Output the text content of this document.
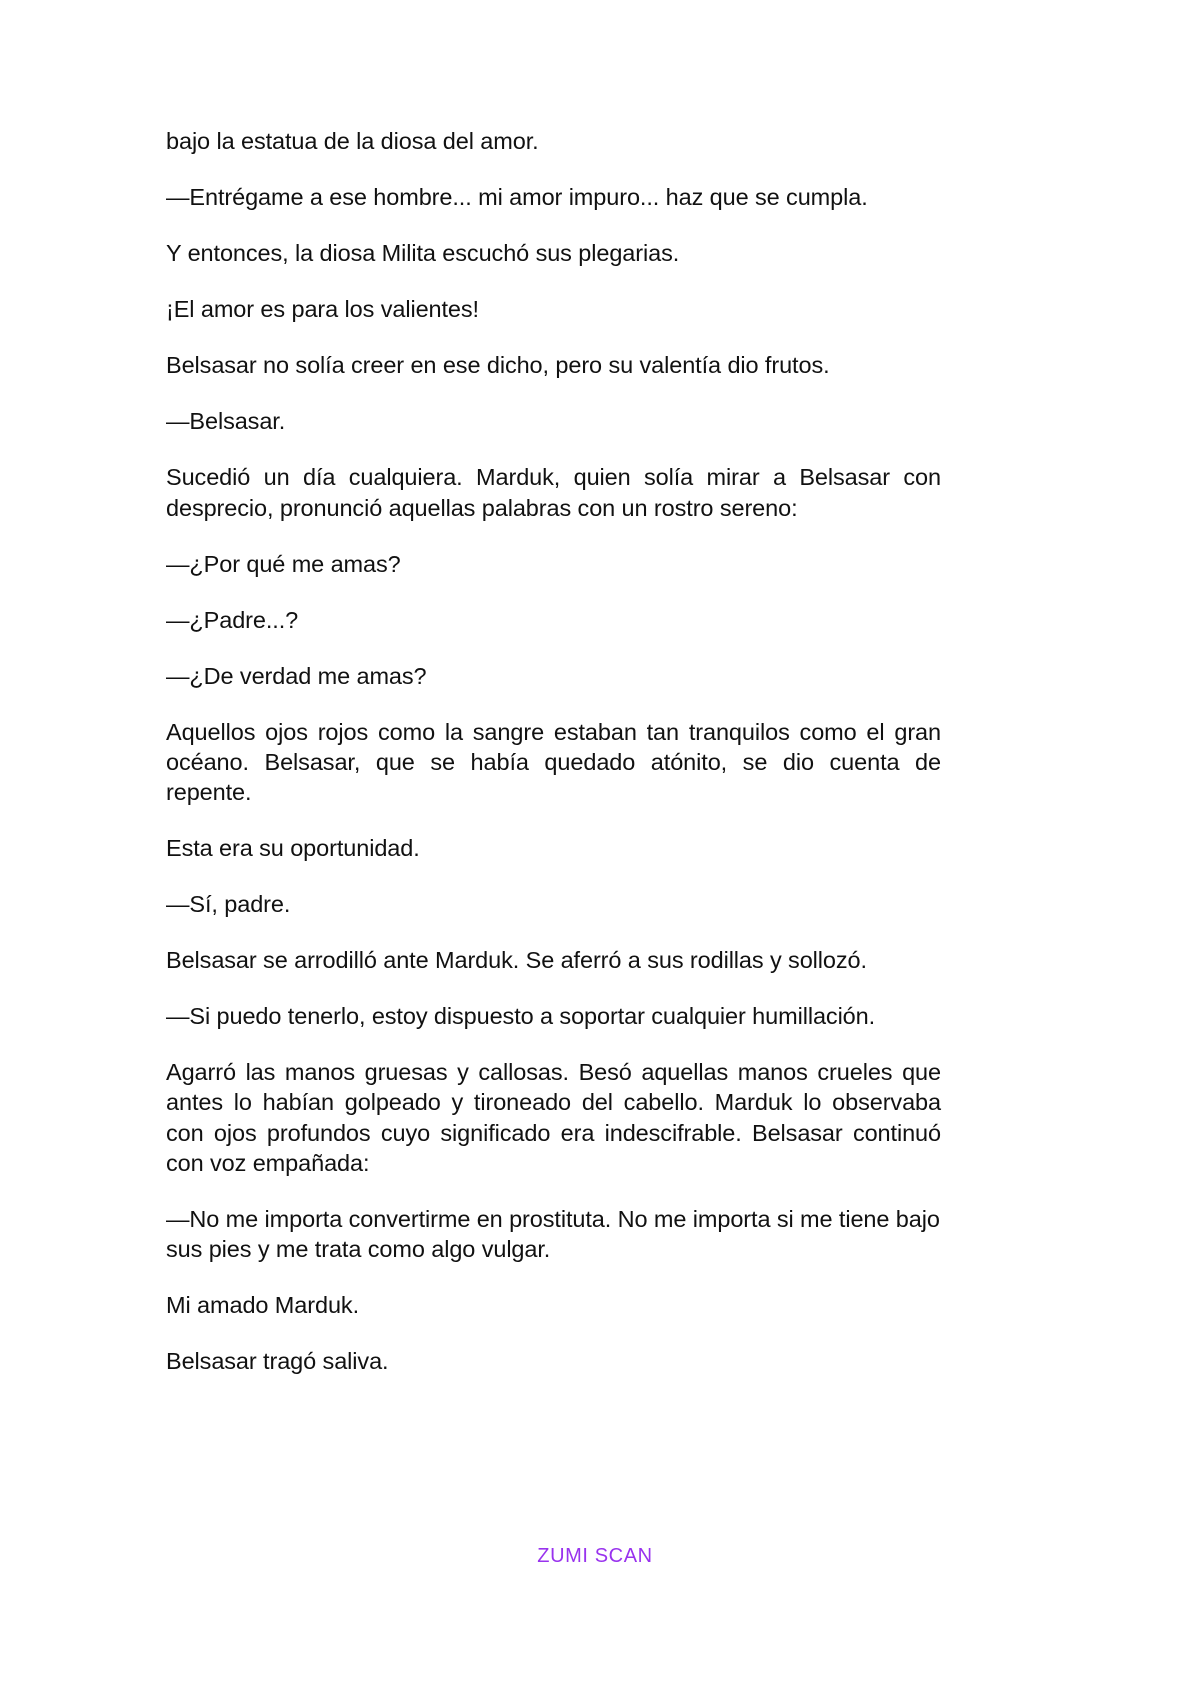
bajo la estatua de la diosa del amor.

—Entrégame a ese hombre... mi amor impuro... haz que se cumpla.

Y entonces, la diosa Milita escuchó sus plegarias.

¡El amor es para los valientes!

Belsasar no solía creer en ese dicho, pero su valentía dio frutos.

—Belsasar.

Sucedió un día cualquiera. Marduk, quien solía mirar a Belsasar con desprecio, pronunció aquellas palabras con un rostro sereno:

—¿Por qué me amas?

—¿Padre...?

—¿De verdad me amas?

Aquellos ojos rojos como la sangre estaban tan tranquilos como el gran océano. Belsasar, que se había quedado atónito, se dio cuenta de repente.

Esta era su oportunidad.

—Sí, padre.

Belsasar se arrodilló ante Marduk. Se aferró a sus rodillas y sollozó.

—Si puedo tenerlo, estoy dispuesto a soportar cualquier humillación.

Agarró las manos gruesas y callosas. Besó aquellas manos crueles que antes lo habían golpeado y tironeado del cabello. Marduk lo observaba con ojos profundos cuyo significado era indescifrable. Belsasar continuó con voz empañada:

—No me importa convertirme en prostituta. No me importa si me tiene bajo sus pies y me trata como algo vulgar.

Mi amado Marduk.

Belsasar tragó saliva.

ZUMI SCAN
